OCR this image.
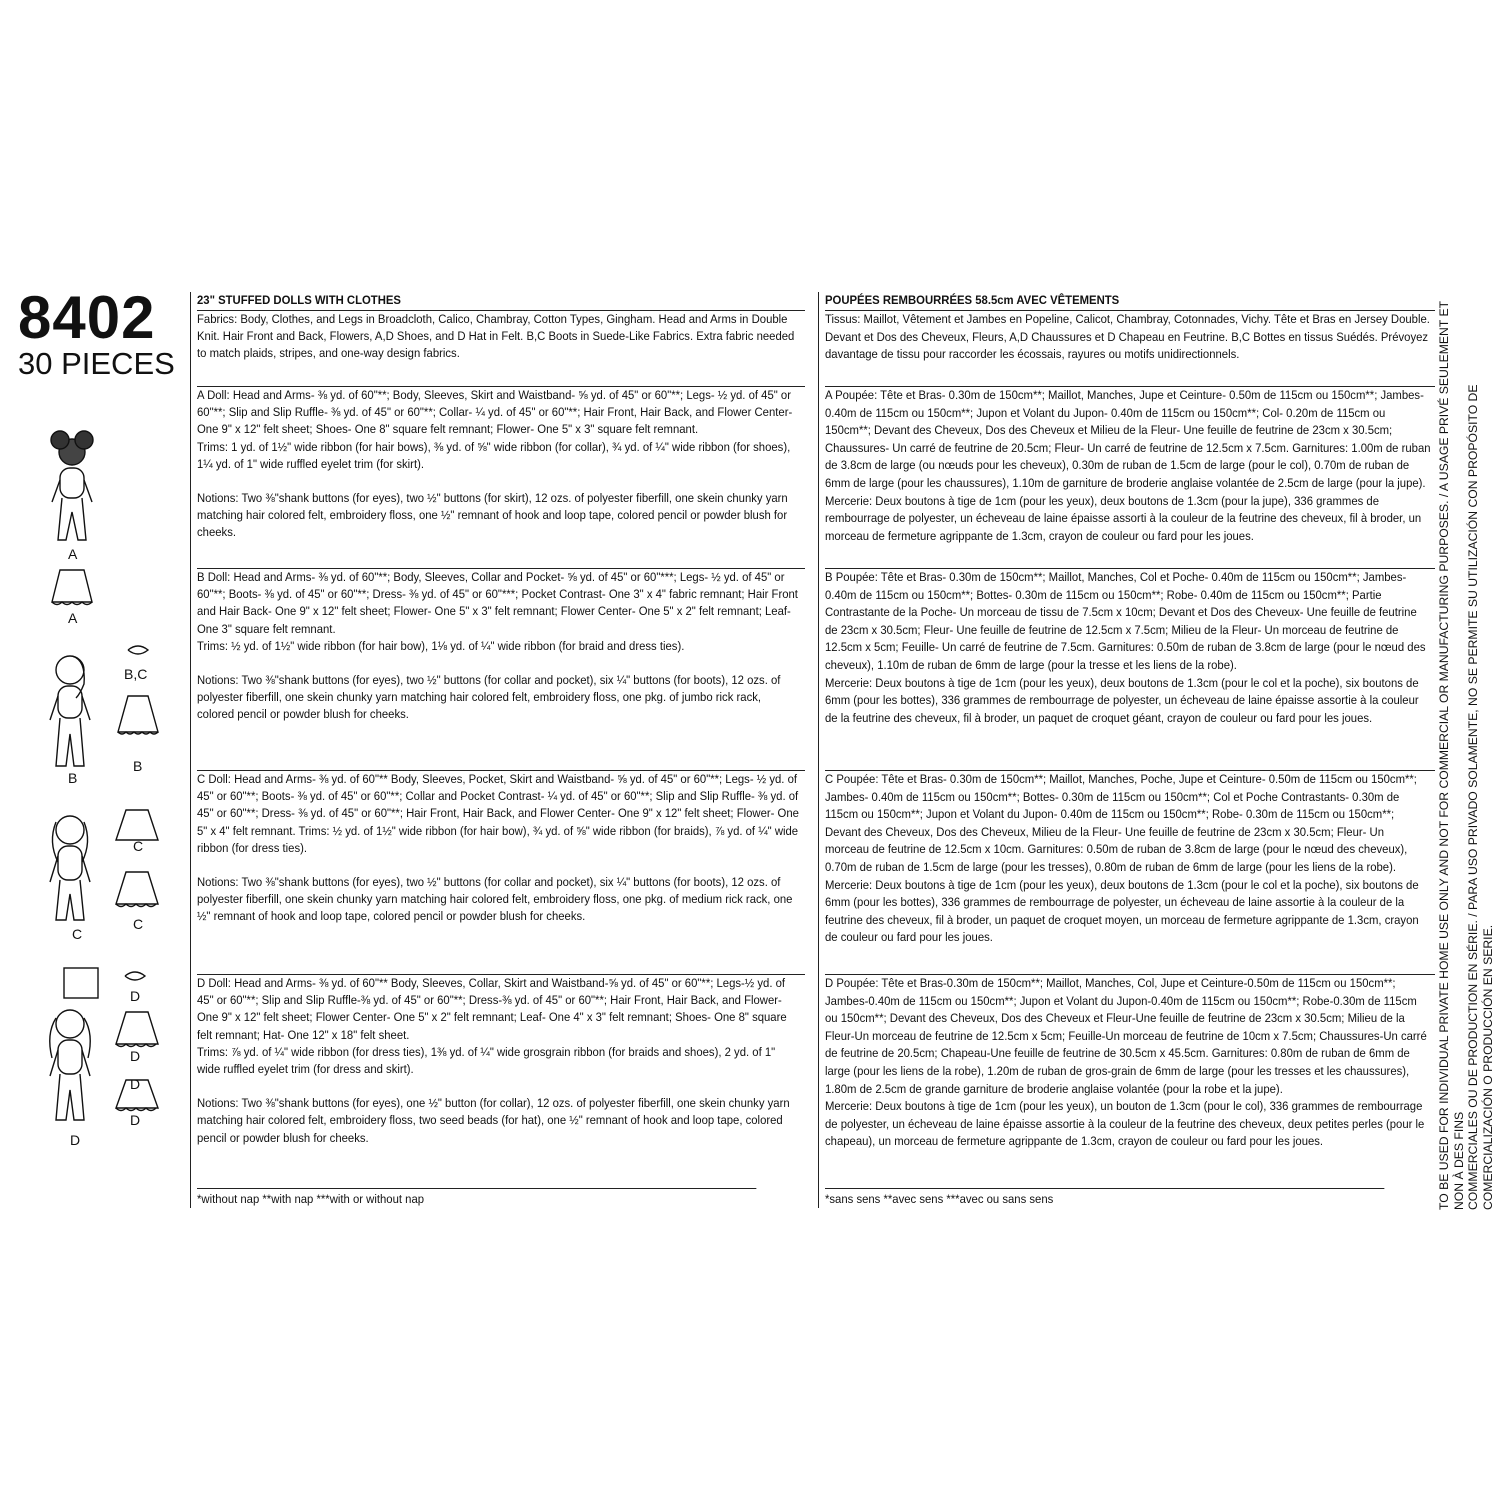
8402
30 PIECES
A
A
B,C
B
B
C
C
C
D
D
D
D
D

23" STUFFED DOLLS WITH CLOTHES

Fabrics: Body, Clothes, and Legs in Broadcloth, Calico, Chambray, Cotton Types, Gingham. Head and Arms in Double Knit. Hair Front and Back, Flowers, A,D Shoes, and D Hat in Felt. B,C Boots in Suede-Like Fabrics. Extra fabric needed to match plaids, stripes, and one-way design fabrics.

A Doll: Head and Arms- ⅜ yd. of 60"**; Body, Sleeves, Skirt and Waistband- ⅝ yd. of 45" or 60"**; Legs- ½ yd. of 45" or 60"**; Slip and Slip Ruffle- ⅜ yd. of 45" or 60"**; Collar- ¼ yd. of 45" or 60"**; Hair Front, Hair Back, and Flower Center- One 9" x 12" felt sheet; Shoes- One 8" square felt remnant; Flower- One 5" x 3" square felt remnant.

Trims: 1 yd. of 1½" wide ribbon (for hair bows), ⅜ yd. of ⅝" wide ribbon (for collar), ¾ yd. of ¼" wide ribbon (for shoes), 1¼ yd. of 1" wide ruffled eyelet trim (for skirt).

Notions: Two ⅜"shank buttons (for eyes), two ½" buttons (for skirt), 12 ozs. of polyester fiberfill, one skein chunky yarn matching hair colored felt, embroidery floss, one ½" remnant of hook and loop tape, colored pencil or powder blush for cheeks.

B Doll: Head and Arms- ⅜ yd. of 60"**; Body, Sleeves, Collar and Pocket- ⅝ yd. of 45" or 60"***; Legs- ½ yd. of 45" or 60"**; Boots- ⅜ yd. of 45" or 60"**; Dress- ⅜ yd. of 45" or 60"***; Pocket Contrast- One 3" x 4" fabric remnant; Hair Front and Hair Back- One 9" x 12" felt sheet; Flower- One 5" x 3" felt remnant; Flower Center- One 5" x 2" felt remnant; Leaf- One 3" square felt remnant.

Trims: ½ yd. of 1½" wide ribbon (for hair bow), 1⅛ yd. of ¼" wide ribbon (for braid and dress ties).

Notions: Two ⅜"shank buttons (for eyes), two ½" buttons (for collar and pocket), six ¼" buttons (for boots), 12 ozs. of polyester fiberfill, one skein chunky yarn matching hair colored felt, embroidery floss, one pkg. of jumbo rick rack, colored pencil or powder blush for cheeks.

C Doll: Head and Arms- ⅜ yd. of 60"** Body, Sleeves, Pocket, Skirt and Waistband- ⅝ yd. of 45" or 60"**; Legs- ½ yd. of 45" or 60"**; Boots- ⅜ yd. of 45" or 60"**; Collar and Pocket Contrast- ¼ yd. of 45" or 60"**; Slip and Slip Ruffle- ⅜ yd. of 45" or 60"**; Dress- ⅜ yd. of 45" or 60"**; Hair Front, Hair Back, and Flower Center- One 9" x 12" felt sheet; Flower- One 5" x 4" felt remnant. Trims: ½ yd. of 1½" wide ribbon (for hair bow), ¾ yd. of ⅝" wide ribbon (for braids), ⅞ yd. of ¼" wide ribbon (for dress ties).

Notions: Two ⅜"shank buttons (for eyes), two ½" buttons (for collar and pocket), six ¼" buttons (for boots), 12 ozs. of polyester fiberfill, one skein chunky yarn matching hair colored felt, embroidery floss, one pkg. of medium rick rack, one ½" remnant of hook and loop tape, colored pencil or powder blush for cheeks.

D Doll: Head and Arms- ⅜ yd. of 60"** Body, Sleeves, Collar, Skirt and Waistband-⅝ yd. of 45" or 60"**; Legs-½ yd. of 45" or 60"**; Slip and Slip Ruffle-⅜ yd. of 45" or 60"**; Dress-⅜ yd. of 45" or 60"**; Hair Front, Hair Back, and Flower- One 9" x 12" felt sheet; Flower Center- One 5" x 2" felt remnant; Leaf- One 4" x 3" felt remnant; Shoes- One 8" square felt remnant; Hat- One 12" x 18" felt sheet.

Trims: ⅞ yd. of ¼" wide ribbon (for dress ties), 1⅜ yd. of ¼" wide grosgrain ribbon (for braids and shoes), 2 yd. of 1" wide ruffled eyelet trim (for dress and skirt).

Notions: Two ⅜"shank buttons (for eyes), one ½" button (for collar), 12 ozs. of polyester fiberfill, one skein chunky yarn matching hair colored felt, embroidery floss, two seed beads (for hat), one ½" remnant of hook and loop tape, colored pencil or powder blush for cheeks.

*without nap **with nap ***with or without nap

POUPÉES REMBOURRÉES 58.5cm AVEC VÊTEMENTS

Tissus: Maillot, Vêtement et Jambes en Popeline, Calicot, Chambray, Cotonnades, Vichy. Tête et Bras en Jersey Double. Devant et Dos des Cheveux, Fleurs, A,D Chaussures et D Chapeau en Feutrine. B,C Bottes en tissus Suédés. Prévoyez davantage de tissu pour raccorder les écossais, rayures ou motifs unidirectionnels.

A Poupée: Tête et Bras- 0.30m de 150cm**; Maillot, Manches, Jupe et Ceinture- 0.50m de 115cm ou 150cm**; Jambes- 0.40m de 115cm ou 150cm**; Jupon et Volant du Jupon- 0.40m de 115cm ou 150cm**; Col- 0.20m de 115cm ou 150cm**; Devant des Cheveux, Dos des Cheveux et Milieu de la Fleur- Une feuille de feutrine de 23cm x 30.5cm; Chaussures- Un carré de feutrine de 20.5cm; Fleur- Un carré de feutrine de 12.5cm x 7.5cm. Garnitures: 1.00m de ruban de 3.8cm de large (ou nœuds pour les cheveux), 0.30m de ruban de 1.5cm de large (pour le col), 0.70m de ruban de 6mm de large (pour les chaussures), 1.10m de garniture de broderie anglaise volantée de 2.5cm de large (pour la jupe).

Mercerie: Deux boutons à tige de 1cm (pour les yeux), deux boutons de 1.3cm (pour la jupe), 336 grammes de rembourrage de polyester, un écheveau de laine épaisse assorti à la couleur de la feutrine des cheveux, fil à broder, un morceau de fermeture agrippante de 1.3cm, crayon de couleur ou fard pour les joues.

B Poupée: Tête et Bras- 0.30m de 150cm**; Maillot, Manches, Col et Poche- 0.40m de 115cm ou 150cm**; Jambes- 0.40m de 115cm ou 150cm**; Bottes- 0.30m de 115cm ou 150cm**; Robe- 0.40m de 115cm ou 150cm**; Partie Contrastante de la Poche- Un morceau de tissu de 7.5cm x 10cm; Devant et Dos des Cheveux- Une feuille de feutrine de 23cm x 30.5cm; Fleur- Une feuille de feutrine de 12.5cm x 7.5cm; Milieu de la Fleur- Un morceau de feutrine de 12.5cm x 5cm; Feuille- Un carré de feutrine de 7.5cm. Garnitures: 0.50m de ruban de 3.8cm de large (pour le nœud des cheveux), 1.10m de ruban de 6mm de large (pour la tresse et les liens de la robe).

Mercerie: Deux boutons à tige de 1cm (pour les yeux), deux boutons de 1.3cm (pour le col et la poche), six boutons de 6mm (pour les bottes), 336 grammes de rembourrage de polyester, un écheveau de laine épaisse assortie à la couleur de la feutrine des cheveux, fil à broder, un paquet de croquet géant, crayon de couleur ou fard pour les joues.

C Poupée: Tête et Bras- 0.30m de 150cm**; Maillot, Manches, Poche, Jupe et Ceinture- 0.50m de 115cm ou 150cm**; Jambes- 0.40m de 115cm ou 150cm**; Bottes- 0.30m de 115cm ou 150cm**; Col et Poche Contrastants- 0.30m de 115cm ou 150cm**; Jupon et Volant du Jupon- 0.40m de 115cm ou 150cm**; Robe- 0.30m de 115cm ou 150cm**; Devant des Cheveux, Dos des Cheveux, Milieu de la Fleur- Une feuille de feutrine de 23cm x 30.5cm; Fleur- Un morceau de feutrine de 12.5cm x 10cm. Garnitures: 0.50m de ruban de 3.8cm de large (pour le nœud des cheveux), 0.70m de ruban de 1.5cm de large (pour les tresses), 0.80m de ruban de 6mm de large (pour les liens de la robe).

Mercerie: Deux boutons à tige de 1cm (pour les yeux), deux boutons de 1.3cm (pour le col et la poche), six boutons de 6mm (pour les bottes), 336 grammes de rembourrage de polyester, un écheveau de laine assortie à la couleur de la feutrine des cheveux, fil à broder, un paquet de croquet moyen, un morceau de fermeture agrippante de 1.3cm, crayon de couleur ou fard pour les joues.

D Poupée: Tête et Bras-0.30m de 150cm**; Maillot, Manches, Col, Jupe et Ceinture-0.50m de 115cm ou 150cm**; Jambes-0.40m de 115cm ou 150cm**; Jupon et Volant du Jupon-0.40m de 115cm ou 150cm**; Robe-0.30m de 115cm ou 150cm**; Devant des Cheveux, Dos des Cheveux et Fleur-Une feuille de feutrine de 23cm x 30.5cm; Milieu de la Fleur-Un morceau de feutrine de 12.5cm x 5cm; Feuille-Un morceau de feutrine de 10cm x 7.5cm; Chaussures-Un carré de feutrine de 20.5cm; Chapeau-Une feuille de feutrine de 30.5cm x 45.5cm. Garnitures: 0.80m de ruban de 6mm de large (pour les liens de la robe), 1.20m de ruban de gros-grain de 6mm de large (pour les tresses et les chaussures), 1.80m de 2.5cm de grande garniture de broderie anglaise volantée (pour la robe et la jupe).

Mercerie: Deux boutons à tige de 1cm (pour les yeux), un bouton de 1.3cm (pour le col), 336 grammes de rembourrage de polyester, un écheveau de laine épaisse assortie à la couleur de la feutrine des cheveux, deux petites perles (pour le chapeau), un morceau de fermeture agrippante de 1.3cm, crayon de couleur ou fard pour les joues.

*sans sens **avec sens ***avec ou sans sens	TO BE USED FOR INDIVIDUAL PRIVATE HOME USE ONLY AND NOT FOR COMMERCIAL OR MANUFACTURING PURPOSES. / A USAGE PRIVÉ SEULEMENT ET NON À DES FINS COMMERCIALES OU DE PRODUCTION EN SÉRIE. / PARA USO PRIVADO SOLAMENTE, NO SE PERMITE SU UTILIZACIÓN CON PROPÓSITO DE COMERCIALIZACIÓN O PRODUCCIÓN EN SERIE.
